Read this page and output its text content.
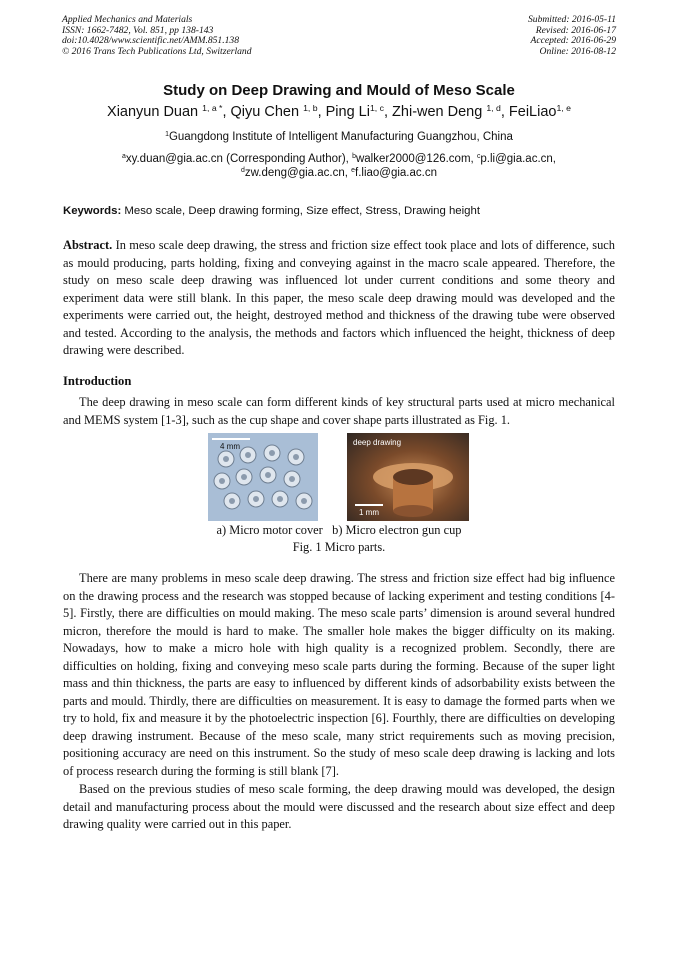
Applied Mechanics and Materials
ISSN: 1662-7482, Vol. 851, pp 138-143
doi:10.4028/www.scientific.net/AMM.851.138
© 2016 Trans Tech Publications Ltd, Switzerland
Submitted: 2016-05-11
Revised: 2016-06-17
Accepted: 2016-06-29
Online: 2016-08-12
Study on Deep Drawing and Mould of Meso Scale
Xianyun Duan $^{1, a *}$, Qiyu Chen $^{1, b}$, Ping Li$^{1, c}$, Zhi-wen Deng $^{1, d}$, FeiLiao$^{1, e}$
$^1$Guangdong Institute of Intelligent Manufacturing Guangzhou, China
$^a$xy.duan@gia.ac.cn (Corresponding Author), $^b$walker2000@126.com, $^c$p.li@gia.ac.cn,
$^d$zw.deng@gia.ac.cn, $^e$f.liao@gia.ac.cn
Keywords: Meso scale, Deep drawing forming, Size effect, Stress, Drawing height

Abstract. In meso scale deep drawing, the stress and friction size effect took place and lots of difference, such as mould producing, parts holding, fixing and conveying against in the macro scale appeared. Therefore, the study on meso scale deep drawing was influenced lot under current conditions and some theory and experiment data were still blank. In this paper, the meso scale deep drawing mould was developed and the experiments were carried out, the height, destroyed method and thickness of the drawing tube were observed and tested. According to the analysis, the methods and factors which influenced the height, thickness of deep drawing were described.

Introduction

The deep drawing in meso scale can form different kinds of key structural parts used at micro mechanical and MEMS system [1-3], such as the cup shape and cover shape parts illustrated as Fig. 1.

4 mm	deep drawing
1 mm
a) Micro motor cover b) Micro electron gun cup
Fig. 1 Micro parts.

There are many problems in meso scale deep drawing. The stress and friction size effect had big influence on the drawing process and the research was stopped because of lacking experiment and testing conditions [4-5]. Firstly, there are difficulties on mould making. The meso scale parts’ dimension is around several hundred micron, therefore the mould is hard to make. The smaller hole makes the bigger difficulty on its making. Nowadays, how to make a micro hole with high quality is a recognized problem. Secondly, there are difficulties on holding, fixing and conveying meso scale parts during the forming. Because of the super light mass and thin thickness, the parts are easy to influenced by different kinds of adsorbability exists between the parts and mould. Thirdly, there are difficulties on measurement. It is easy to damage the formed parts when we try to hold, fix and measure it by the photoelectric inspection [6]. Fourthly, there are difficulties on developing deep drawing instrument. Because of the meso scale, many strict requirements such as moving precision, positioning accuracy are need on this instrument. So the study of meso scale deep drawing is lacking and lots of process research during the forming is still blank [7].

Based on the previous studies of meso scale forming, the deep drawing mould was developed, the design detail and manufacturing process about the mould were discussed and the research about size effect and deep drawing quality were carried out in this paper.
